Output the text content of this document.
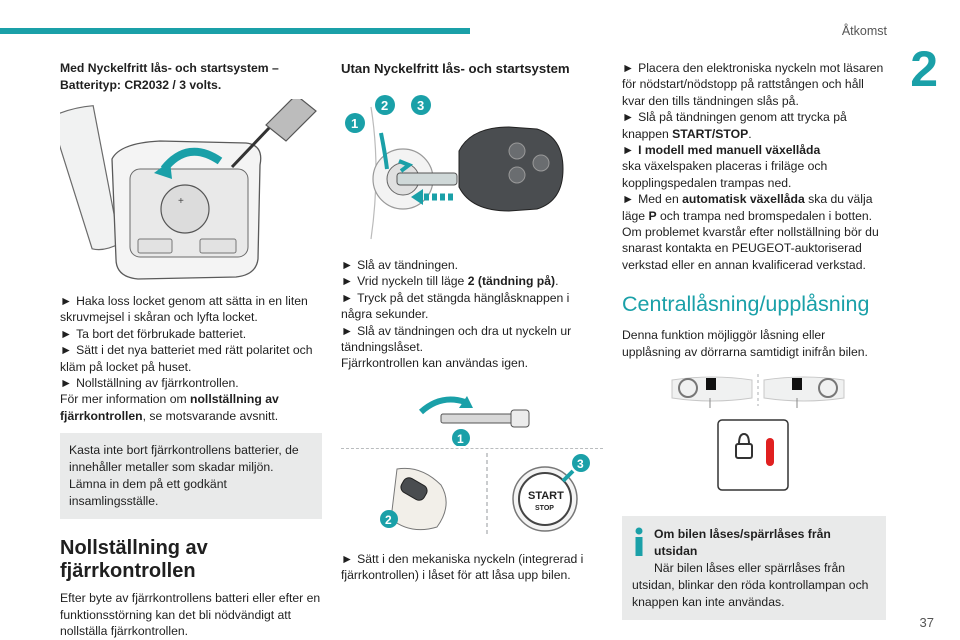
Åtkomst
2

Med Nyckelfritt lås- och startsystem – Batterityp: CR2032 / 3 volts.

+

► Haka loss locket genom att sätta in en liten skruvmejsel i skåran och lyfta locket.

► Ta bort det förbrukade batteriet.

► Sätt i det nya batteriet med rätt polaritet och kläm på locket på huset.

► Nollställning av fjärrkontrollen.

För mer information om nollställning av fjärrkontrollen, se motsvarande avsnitt.

Kasta inte bort fjärrkontrollens batterier, de innehåller metaller som skadar miljön. Lämna in dem på ett godkänt insamlingsställe.

Nollställning av fjärrkontrollen

Efter byte av fjärrkontrollens batteri eller efter en funktionsstörning kan det bli nödvändigt att nollställa fjärrkontrollen.

Utan Nyckelfritt lås- och startsystem

1
2 3

► Slå av tändningen.

► Vrid nyckeln till läge 2 (tändning på).

► Tryck på det stängda hänglåsknappen i några sekunder.

► Slå av tändningen och dra ut nyckeln ur tändningslåset.

Fjärrkontrollen kan användas igen.

1
2
START
STOP
3

► Sätt i den mekaniska nyckeln (integrerad i fjärrkontrollen) i låset för att låsa upp bilen.

► Placera den elektroniska nyckeln mot läsaren för nödstart/nödstopp på rattstången och håll kvar den tills tändningen slås på.

► Slå på tändningen genom att trycka på knappen START/STOP.

► I modell med manuell växellåda
ska växelspaken placeras i friläge och kopplingspedalen trampas ned.

► Med en automatisk växellåda ska du välja läge P och trampa ned bromspedalen i botten.

Om problemet kvarstår efter nollställning bör du snarast kontakta en PEUGEOT-auktoriserad verkstad eller en annan kvalificerad verkstad.

Centrallåsning/upplåsning

Denna funktion möjliggör låsning eller upplåsning av dörrarna samtidigt inifrån bilen.

Om bilen låses/spärrlåses från utsidan
När bilen låses eller spärrlåses från
utsidan, blinkar den röda kontrollampan och knappen kan inte användas.
37
